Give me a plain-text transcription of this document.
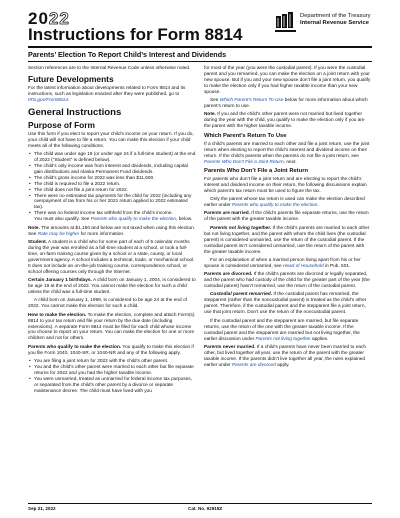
2022
Instructions for Form 8814
Department of the Treasury
Internal Revenue Service
Parents’ Election To Report Child’s Interest and Dividends

Section references are to the Internal Revenue Code unless otherwise noted.

Future Developments

For the latest information about developments related to Form 8814 and its instructions, such as legislation enacted after they were published, go to IRS.gov/Form8814.

General Instructions
Purpose of Form

Use this form if you elect to report your child’s income on your return. If you do, your child will not have to file a return. You can make this election if your child meets all of the following conditions.

• The child was under age 19 (or under age 24 if a full-time student) at the end of 2022 (“Student” is defined below).
• The child’s only income was from interest and dividends, including capital gain distributions and Alaska Permanent Fund dividends.
• The child’s gross income for 2022 was less than $11,500.
• The child is required to file a 2022 return.
• The child does not file a joint return for 2022.
• There were no estimated tax payments for the child for 2022 (including any overpayment of tax from his or her 2021 return applied to 2022 estimated tax).
• There was no federal income tax withheld from the child’s income.

You must also qualify. See Parents who qualify to make the election, below.

Note. The amounts at $1,150 and below are not taxed when using this election. See Rate may be higher for more information.

Student. A student is a child who for some part of each of 5 calendar months during the year was enrolled as a full-time student at a school, or took a full-time, on-farm training course given by a school or a state, county, or local government agency. A school includes a technical, trade, or mechanical school. It does not include an on-the-job training course, correspondence school, or school offering courses only through the Internet.

Certain January 1 birthdays. A child born on January 1, 2004, is considered to be age 19 at the end of 2022. You cannot make the election for such a child unless the child was a full-time student.

A child born on January 1, 1999, is considered to be age 24 at the end of 2022. You cannot make this election for such a child.

How to make the election. To make the election, complete and attach Form(s) 8814 to your tax return and file your return by the due date (including extensions). A separate Form 8814 must be filed for each child whose income you choose to report on your return. You can make the election for one or more children and not for others.

Parents who qualify to make the election. You qualify to make this election if you file Form 1040, 1040-SR, or 1040-NR and any of the following apply.

• You are filing a joint return for 2022 with the child’s other parent.
• You and the child’s other parent were married to each other but file separate returns for 2022 and you had the higher taxable income.
• You were unmarried, treated as unmarried for federal income tax purposes, or separated from the child’s other parent by a divorce or separate maintenance decree. The child must have lived with you

for most of the year (you were the custodial parent). If you were the custodial parent and you remarried, you can make the election on a joint return with your new spouse. But if you and your new spouse don’t file a joint return, you qualify to make the election only if you had higher taxable income than your new spouse.

See Which Parent’s Return To Use below for more information about which parent’s return to use.

Note. If you and the child’s other parent were not married but lived together during the year with the child, you qualify to make the election only if you are the parent with the higher taxable income.

Which Parent’s Return To Use

If a child’s parents are married to each other and file a joint return, use the joint return when electing to report the child’s interest and dividend income on their return. If the child’s parents when the parents do not file a joint return, see Parents Who Don’t File a Joint Return, next.

Parents Who Don’t File a Joint Return

For parents who don’t file a joint return and are electing to report the child’s interest and dividend income on their return, the following discussions explain which parent’s tax return must be used to figure the tax.

Only the parent whose tax return is used can make the election described earlier under Parents who qualify to make the election.

Parents are married. If the child’s parents file separate returns, use the return of the parent with the greater taxable income.

Parents not living together. If the child’s parents are married to each other but not living together, and the parent with whom the child lives (the custodial parent) is considered unmarried, use the return of the custodial parent. If the custodial parent isn’t considered unmarried, use the return of the parent with the greater taxable income.

For an explanation of when a married person living apart from his or her spouse is considered unmarried, see Head of Household in Pub. 501.

Parents are divorced. If the child’s parents are divorced or legally separated, and the parent who had custody of the child for the greater part of the year (the custodial parent) hasn’t remarried, use the return of the custodial parent.

Custodial parent remarried. If the custodial parent has remarried, the stepparent (rather than the noncustodial parent) is treated as the child’s other parent. Therefore, if the custodial parent and the stepparent file a joint return, use that joint return. Don’t use the return of the noncustodial parent.

If the custodial parent and the stepparent are married, but file separate returns, use the return of the one with the greater taxable income. If the custodial parent and the stepparent are married but not living together, the earlier discussion under Parents not living together applies.

Parents never married. If a child’s parents have never been married to each other, but lived together all year, use the return of the parent with the greater taxable income. If the parents didn’t live together all year, the rules explained earlier under Parents are divorced apply.

Sep 21, 2022	Cat. No. 92918Z
